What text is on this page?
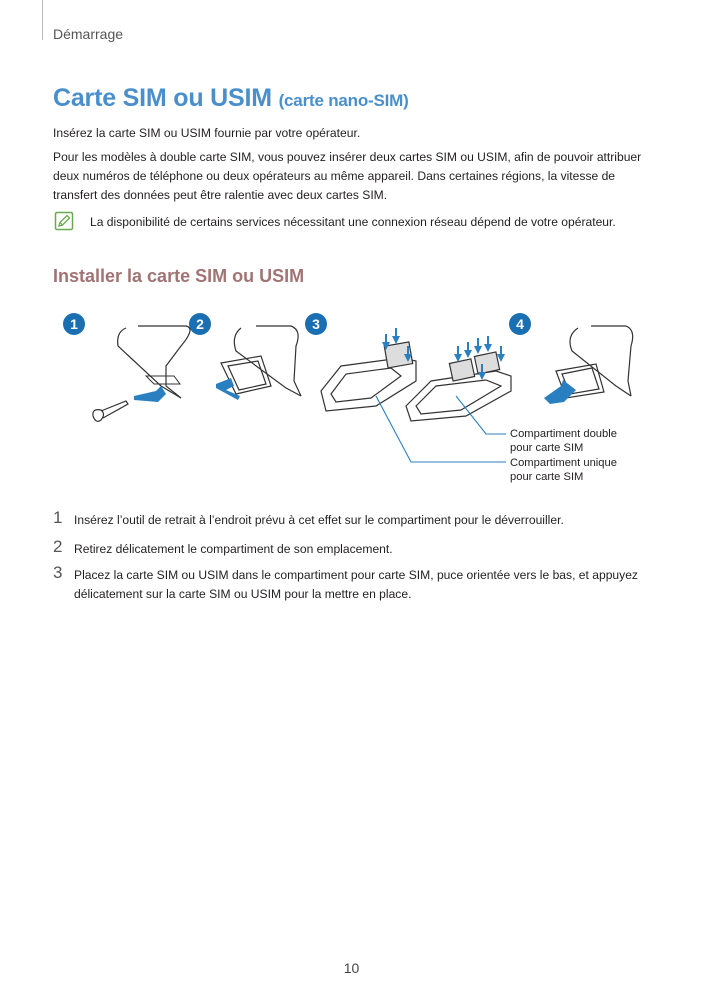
Démarrage
Carte SIM ou USIM (carte nano-SIM)
Insérez la carte SIM ou USIM fournie par votre opérateur.
Pour les modèles à double carte SIM, vous pouvez insérer deux cartes SIM ou USIM, afin de pouvoir attribuer
deux numéros de téléphone ou deux opérateurs au même appareil. Dans certaines régions, la vitesse de
transfert des données peut être ralentie avec deux cartes SIM.
La disponibilité de certains services nécessitant une connexion réseau dépend de votre opérateur.
Installer la carte SIM ou USIM
1	2	3	4
Compartiment double
pour carte SIM
Compartiment unique
pour carte SIM
1 Insérez l’outil de retrait à l’endroit prévu à cet effet sur le compartiment pour le déverrouiller.
2 Retirez délicatement le compartiment de son emplacement.
3 Placez la carte SIM ou USIM dans le compartiment pour carte SIM, puce orientée vers le bas, et appuyez
délicatement sur la carte SIM ou USIM pour la mettre en place.
10
